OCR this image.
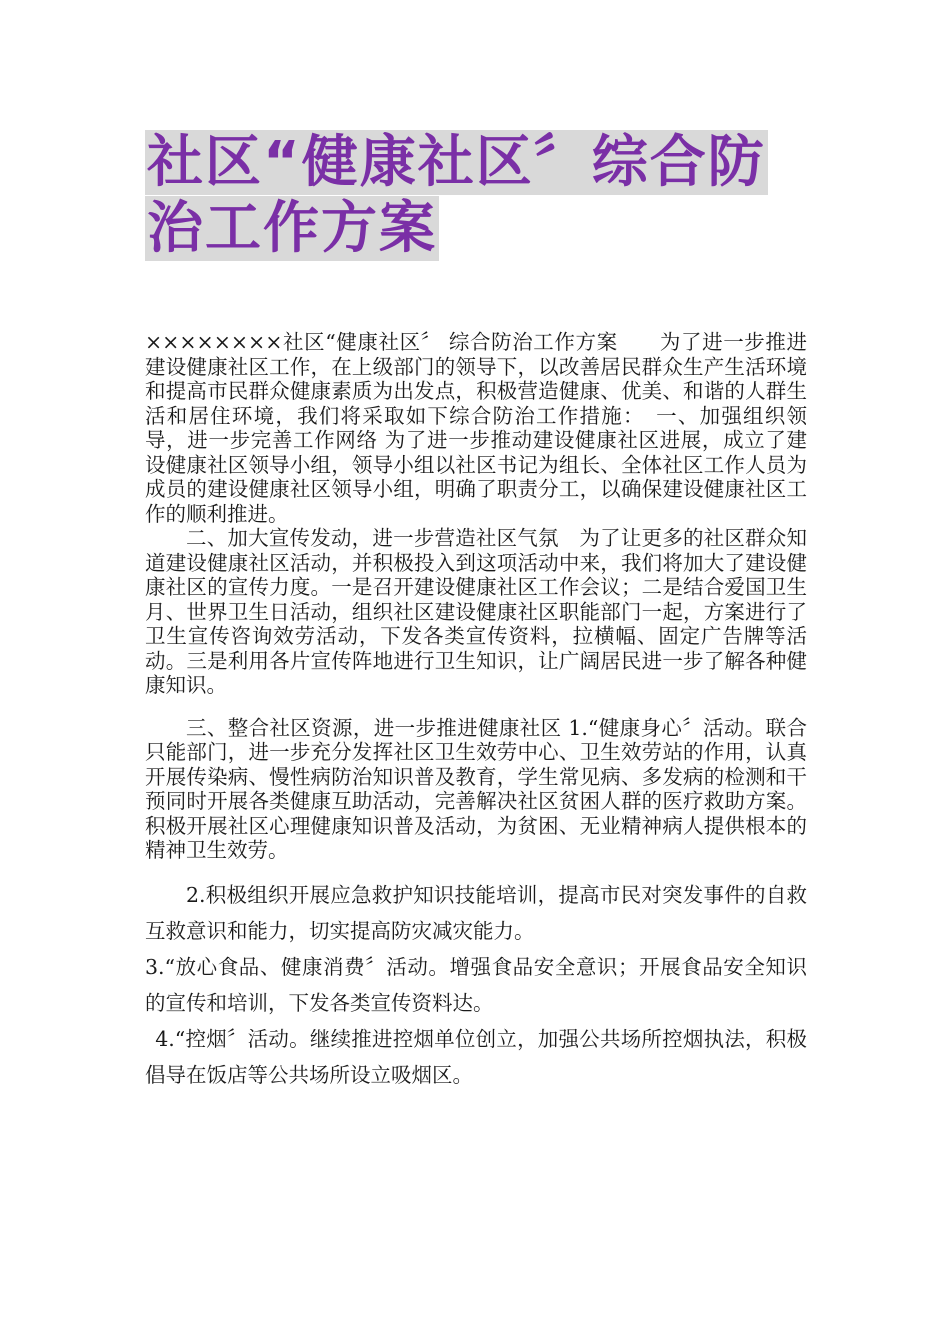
社区“健康社区〞综合防治工作方案

××××××××社区“健康社区〞 综合防治工作方案　　为了进一步推进建设健康社区工作，在上级部门的领导下，以改善居民群众生产生活环境和提高市民群众健康素质为出发点，积极营造健康、优美、和谐的人群生活和居住环境，我们将采取如下综合防治工作措施：　一、加强组织领导，进一步完善工作网络 为了进一步推动建设健康社区进展，成立了建设健康社区领导小组，领导小组以社区书记为组长、全体社区工作人员为成员的建设健康社区领导小组，明确了职责分工，以确保建设健康社区工作的顺利推进。

二、加大宣传发动，进一步营造社区气氛　为了让更多的社区群众知道建设健康社区活动，并积极投入到这项活动中来，我们将加大了建设健康社区的宣传力度。一是召开建设健康社区工作会议；二是结合爱国卫生月、世界卫生日活动，组织社区建设健康社区职能部门一起，方案进行了卫生宣传咨询效劳活动，下发各类宣传资料，拉横幅、固定广告牌等活动。三是利用各片宣传阵地进行卫生知识，让广阔居民进一步了解各种健康知识。

三、整合社区资源，进一步推进健康社区 1.“健康身心〞活动。联合只能部门，进一步充分发挥社区卫生效劳中心、卫生效劳站的作用，认真开展传染病、慢性病防治知识普及教育，学生常见病、多发病的检测和干预同时开展各类健康互助活动，完善解决社区贫困人群的医疗救助方案。积极开展社区心理健康知识普及活动，为贫困、无业精神病人提供根本的精神卫生效劳。

2.积极组织开展应急救护知识技能培训，提高市民对突发事件的自救互救意识和能力，切实提高防灾减灾能力。

3.“放心食品、健康消费〞活动。增强食品安全意识；开展食品安全知识的宣传和培训，下发各类宣传资料达。

4.“控烟〞活动。继续推进控烟单位创立，加强公共场所控烟执法，积极倡导在饭店等公共场所设立吸烟区。
